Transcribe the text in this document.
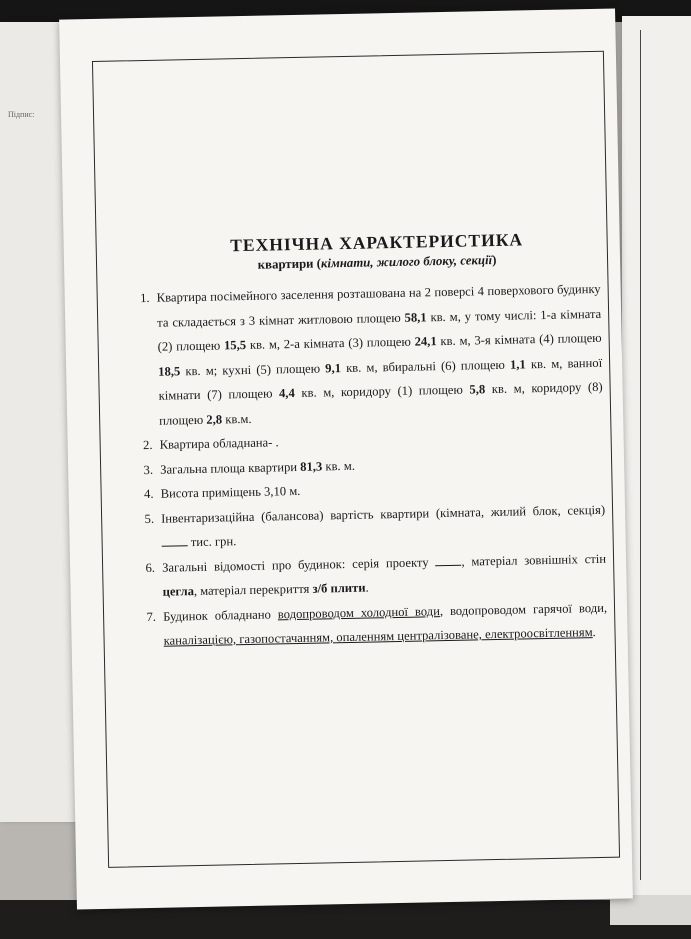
Підпис:
ТЕХНІЧНА ХАРАКТЕРИСТИКА
квартири (кімнати, жилого блоку, секції)
1. Квартира посімейного заселення розташована на 2 поверсі 4 поверхового будинку та складається з 3 кімнат житловою площею 58,1 кв. м, у тому числі: 1-а кімната (2) площею 15,5 кв. м, 2-а кімната (3) площею 24,1 кв. м, 3-я кімната (4) площею 18,5 кв. м; кухні (5) площею 9,1 кв. м, вбиральні (6) площею 1,1 кв. м, ванної кімнати (7) площею 4,4 кв. м, коридору (1) площею 5,8 кв. м, коридору (8) площею 2,8 кв.м.
2. Квартира обладнана- .
3. Загальна площа квартири 81,3 кв. м.
4. Висота приміщень 3,10 м.
5. Інвентаризаційна (балансова) вартість квартири (кімната, жилий блок, секція)  тис. грн.
6. Загальні відомості про будинок: серія проекту , матеріал зовнішніх стін цегла, матеріал перекриття з/б плити.
7. Будинок обладнано водопроводом холодної води, водопроводом гарячої води, каналізацією, газопостачанням, опаленням централізоване, електроосвітленням.
